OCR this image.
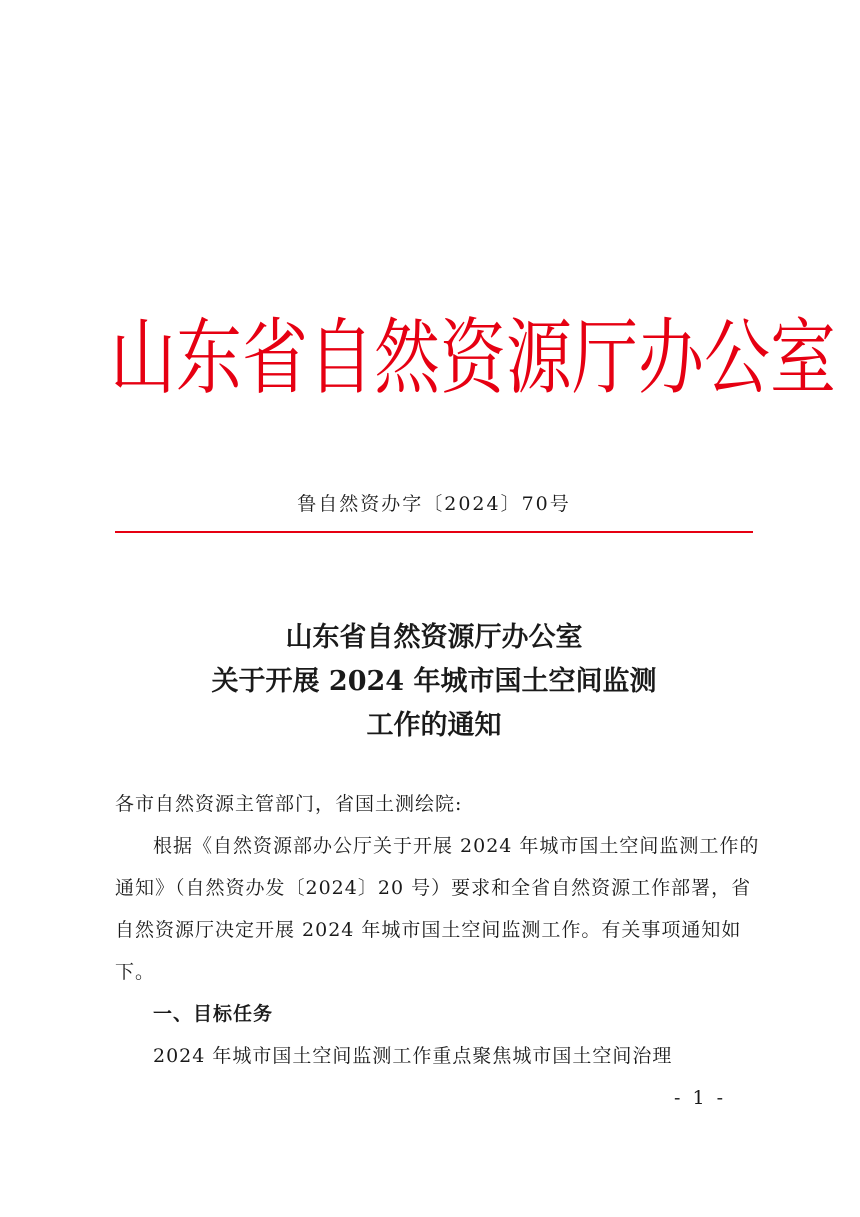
山东省自然资源厅办公室
鲁自然资办字〔2024〕70号
山东省自然资源厅办公室
关于开展 2024 年城市国土空间监测
工作的通知

各市自然资源主管部门，省国土测绘院:

根据《自然资源部办公厅关于开展 2024 年城市国土空间监测工作的通知》（自然资办发〔2024〕20 号）要求和全省自然资源工作部署，省自然资源厅决定开展 2024 年城市国土空间监测工作。有关事项通知如下。

一、目标任务

2024 年城市国土空间监测工作重点聚焦城市国土空间治理

- 1 -
